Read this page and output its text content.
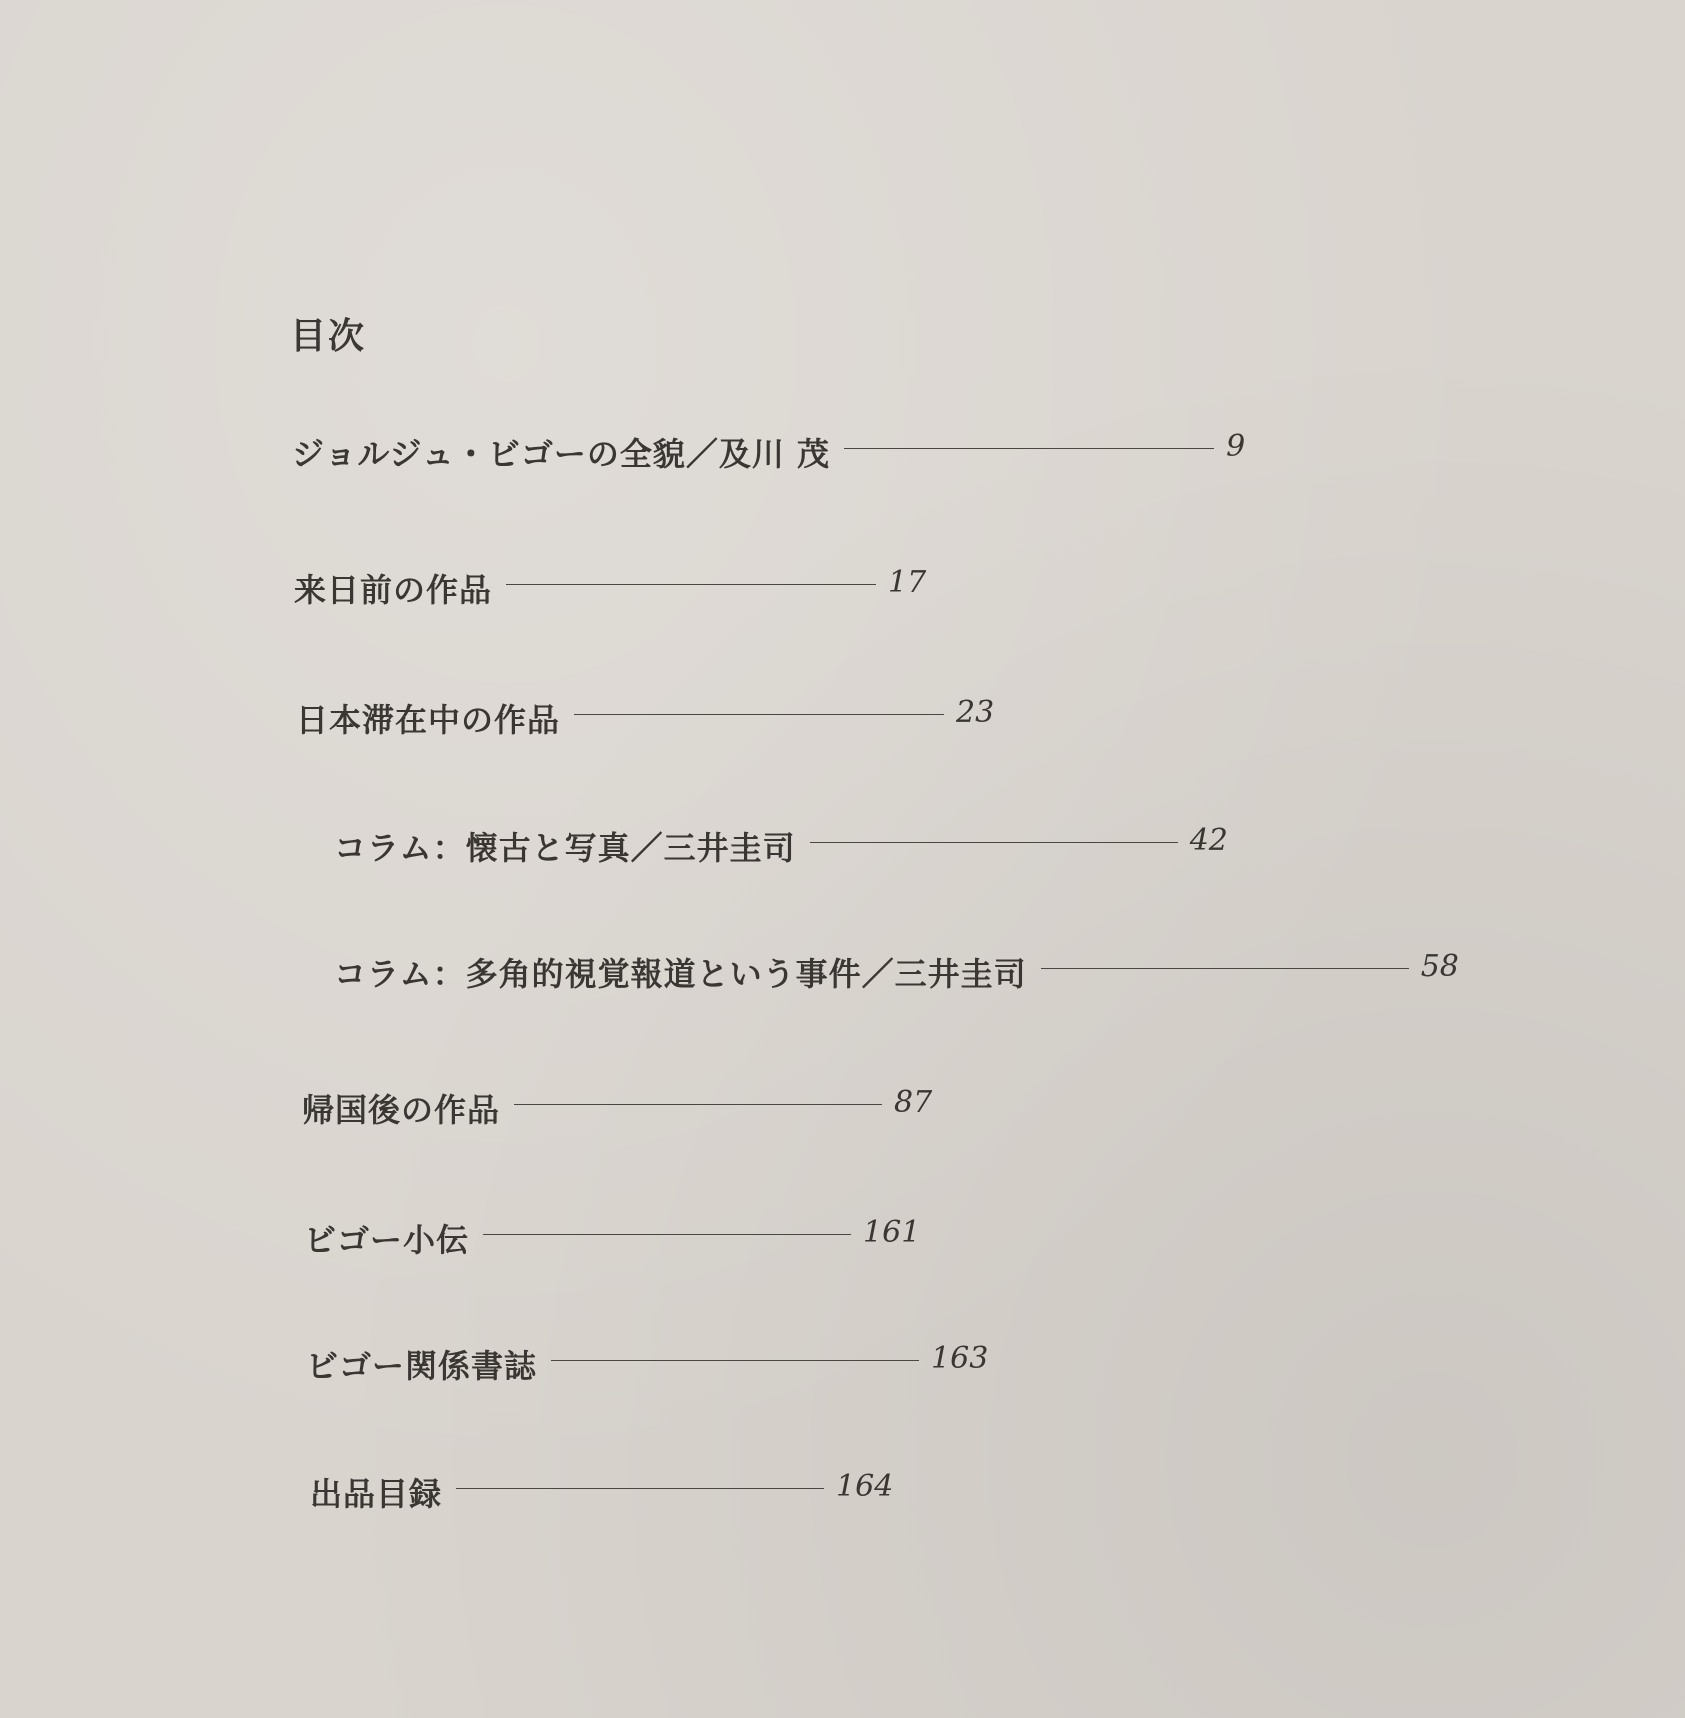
目次
ジョルジュ・ビゴーの全貌／及川 茂	9
来日前の作品	17
日本滞在中の作品	23
コラム：懐古と写真／三井圭司	42
コラム：多角的視覚報道という事件／三井圭司	58
帰国後の作品	87
ビゴー小伝	161
ビゴー関係書誌	163
出品目録	164
